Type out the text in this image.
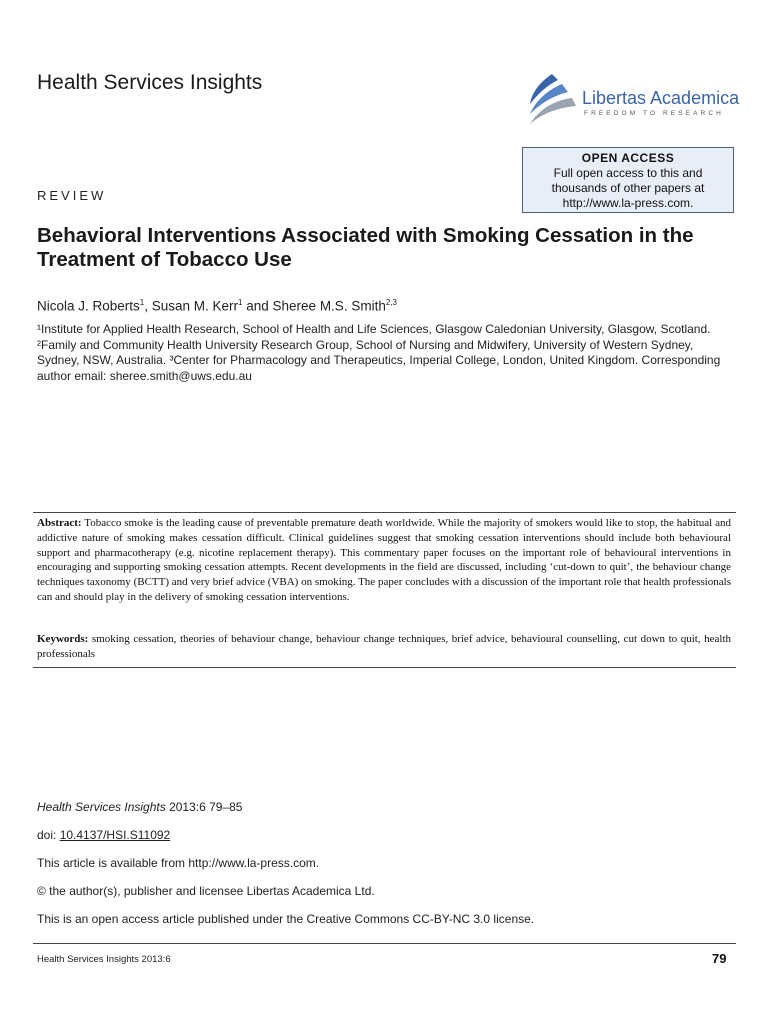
Health Services Insights
Libertas Academica
FREEDOM TO RESEARCH
OPEN ACCESS
Full open access to this and
thousands of other papers at
http://www.la-press.com.
REVIEW
Behavioral Interventions Associated with Smoking Cessation in the Treatment of Tobacco Use
Nicola J. Roberts$^1$, Susan M. Kerr$^1$ and Sheree M.S. Smith$^{2,3}$
¹Institute for Applied Health Research, School of Health and Life Sciences, Glasgow Caledonian University, Glasgow, Scotland. ²Family and Community Health University Research Group, School of Nursing and Midwifery, University of Western Sydney, Sydney, NSW, Australia. ³Center for Pharmacology and Therapeutics, Imperial College, London, United Kingdom. Corresponding author email: sheree.smith@uws.edu.au
Abstract: Tobacco smoke is the leading cause of preventable premature death worldwide. While the majority of smokers would like to stop, the habitual and addictive nature of smoking makes cessation difficult. Clinical guidelines suggest that smoking cessation interventions should include both behavioural support and pharmacotherapy (e.g. nicotine replacement therapy). This commentary paper focuses on the important role of behavioural interventions in encouraging and supporting smoking cessation attempts. Recent developments in the field are discussed, including ‘cut-down to quit’, the behaviour change techniques taxonomy (BCTT) and very brief advice (VBA) on smoking. The paper concludes with a discussion of the important role that health professionals can and should play in the delivery of smoking cessation interventions.
Keywords: smoking cessation, theories of behaviour change, behaviour change techniques, brief advice, behavioural counselling, cut down to quit, health professionals
Health Services Insights 2013:6 79–85
doi: 10.4137/HSI.S11092
This article is available from http://www.la-press.com.
© the author(s), publisher and licensee Libertas Academica Ltd.
This is an open access article published under the Creative Commons CC-BY-NC 3.0 license.
Health Services Insights 2013:6	79
